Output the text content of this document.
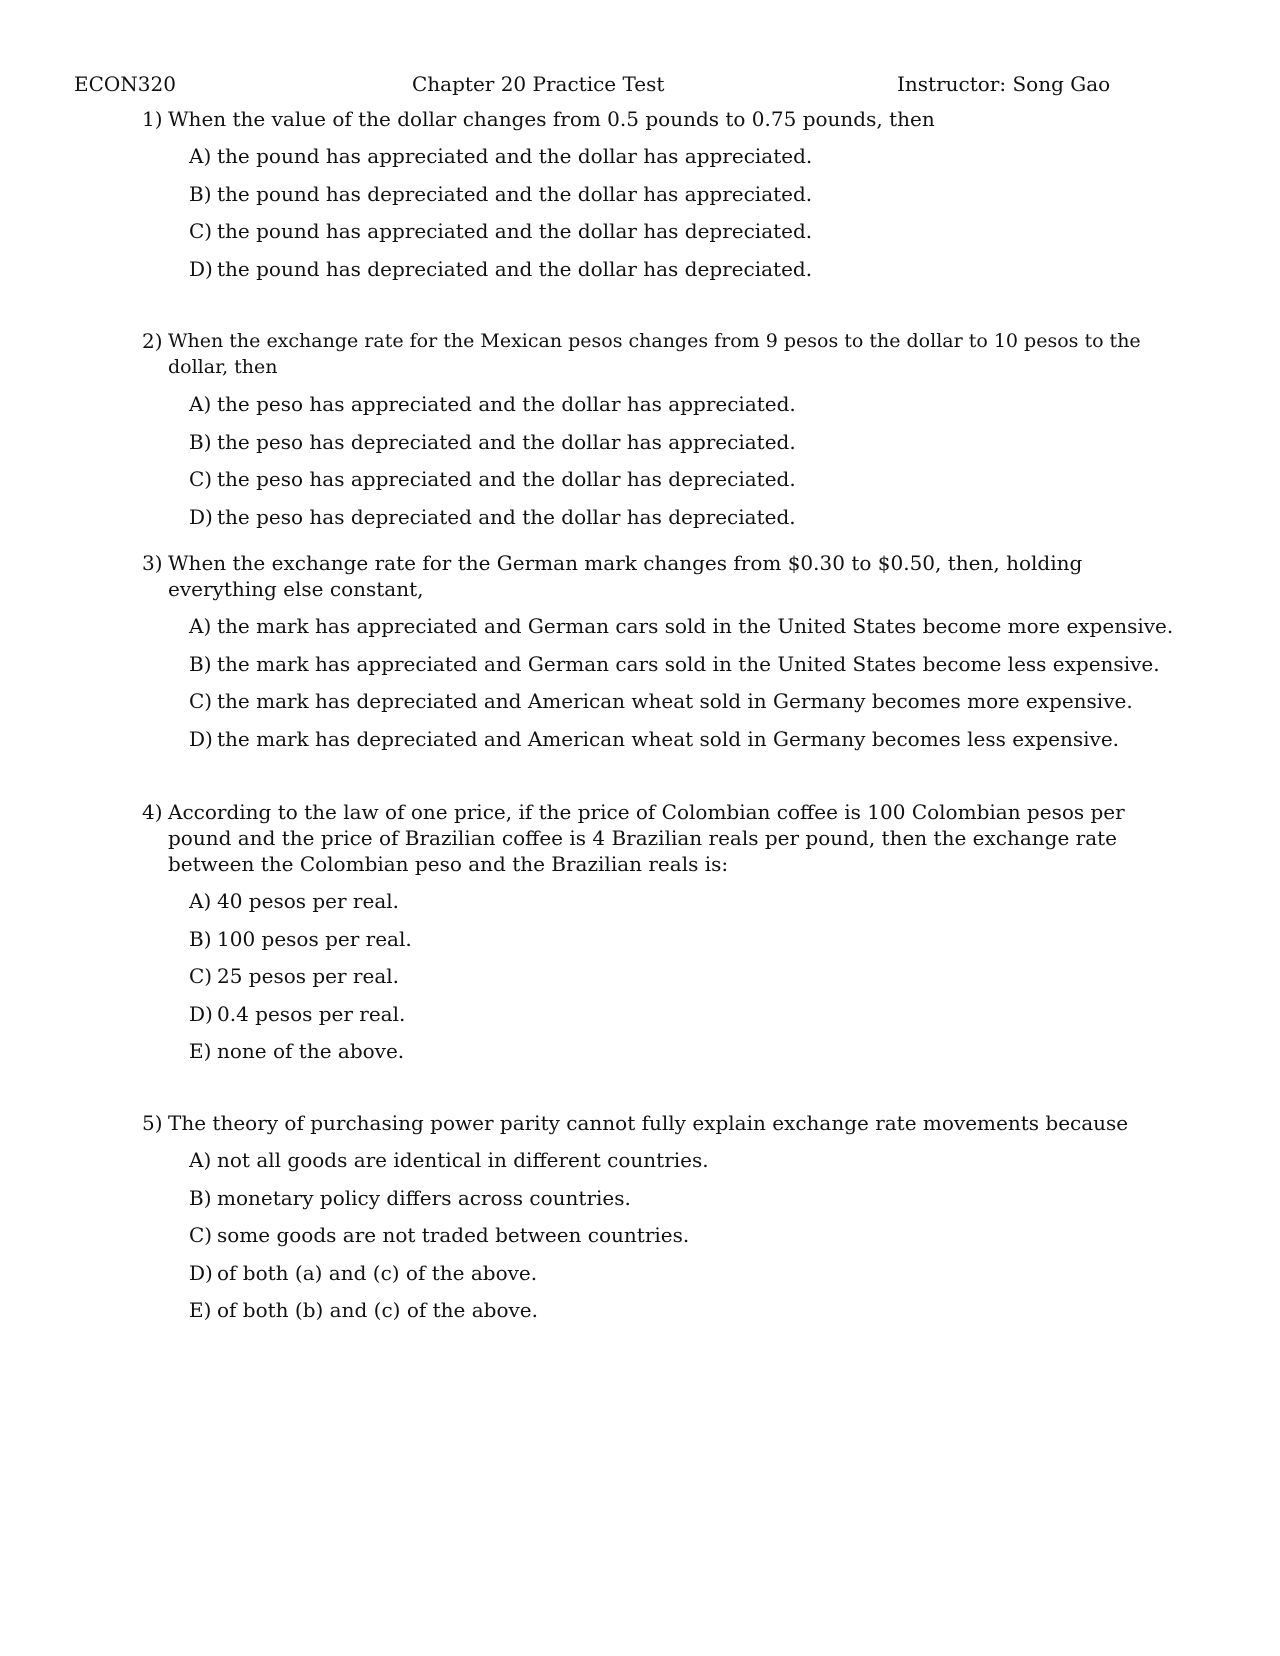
ECON320	Chapter 20 Practice Test	Instructor: Song Gao
1) When the value of the dollar changes from 0.5 pounds to 0.75 pounds, then
A) the pound has appreciated and the dollar has appreciated.
B) the pound has depreciated and the dollar has appreciated.
C) the pound has appreciated and the dollar has depreciated.
D) the pound has depreciated and the dollar has depreciated.
2) When the exchange rate for the Mexican pesos changes from 9 pesos to the dollar to 10 pesos to the dollar, then
A) the peso has appreciated and the dollar has appreciated.
B) the peso has depreciated and the dollar has appreciated.
C) the peso has appreciated and the dollar has depreciated.
D) the peso has depreciated and the dollar has depreciated.
3) When the exchange rate for the German mark changes from $0.30 to $0.50, then, holding everything else constant,
A) the mark has appreciated and German cars sold in the United States become more expensive.
B) the mark has appreciated and German cars sold in the United States become less expensive.
C) the mark has depreciated and American wheat sold in Germany becomes more expensive.
D) the mark has depreciated and American wheat sold in Germany becomes less expensive.
4) According to the law of one price, if the price of Colombian coffee is 100 Colombian pesos per pound and the price of Brazilian coffee is 4 Brazilian reals per pound, then the exchange rate between the Colombian peso and the Brazilian reals is:
A) 40 pesos per real.
B) 100 pesos per real.
C) 25 pesos per real.
D) 0.4 pesos per real.
E) none of the above.
5) The theory of purchasing power parity cannot fully explain exchange rate movements because
A) not all goods are identical in different countries.
B) monetary policy differs across countries.
C) some goods are not traded between countries.
D) of both (a) and (c) of the above.
E) of both (b) and (c) of the above.
